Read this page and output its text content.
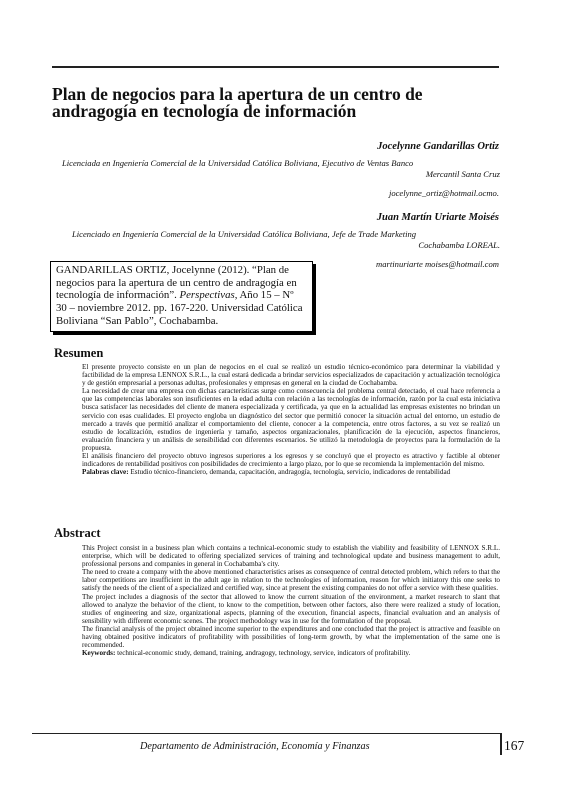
Plan de negocios para la apertura de un centro de andragogía en tecnología de información
Jocelynne Gandarillas Ortiz
Licenciada en Ingeniería Comercial de la Universidad Católica Boliviana, Ejecutivo de Ventas Banco
Mercantil Santa Cruz
jocelynne_ortiz@hotmail.ocmo.
Juan Martín Uriarte Moisés
Licenciado en Ingeniería Comercial de la Universidad Católica Boliviana, Jefe de Trade Marketing
Cochabamba LOREAL.
martinuriarte moises@hotmail.com
GANDARILLAS ORTIZ, Jocelynne (2012). “Plan de negocios para la apertura de un centro de andragogía en tecnología de información”. Perspectivas, Año 15 – Nº 30 – noviembre 2012. pp. 167-220. Universidad Católica Boliviana “San Pablo”, Cochabamba.
Resumen

El presente proyecto consiste en un plan de negocios en el cual se realizó un estudio técnico-económico para determinar la viabilidad y factibilidad de la empresa LENNOX S.R.L., la cual estará dedicada a brindar servicios especializados de capacitación y actualización tecnológica y de gestión empresarial a personas adultas, profesionales y empresas en general en la ciudad de Cochabamba.

La necesidad de crear una empresa con dichas características surge como consecuencia del problema central detectado, el cual hace referencia a que las competencias laborales son insuficientes en la edad adulta con relación a las tecnologías de información, razón por la cual esta iniciativa busca satisfacer las necesidades del cliente de manera especializada y certificada, ya que en la actualidad las empresas existentes no brindan un servicio con esas cualidades. El proyecto engloba un diagnóstico del sector que permitió conocer la situación actual del entorno, un estudio de mercado a través que permitió analizar el comportamiento del cliente, conocer a la competencia, entre otros factores, a su vez se realizó un estudio de localización, estudios de ingeniería y tamaño, aspectos organizacionales, planificación de la ejecución, aspectos financieros, evaluación financiera y un análisis de sensibilidad con diferentes escenarios. Se utilizó la metodología de proyectos para la formulación de la propuesta.

El análisis financiero del proyecto obtuvo ingresos superiores a los egresos y se concluyó que el proyecto es atractivo y factible al obtener indicadores de rentabilidad positivos con posibilidades de crecimiento a largo plazo, por lo que se recomienda la implementación del mismo.

Palabras clave: Estudio técnico-financiero, demanda, capacitación, andragogía, tecnología, servicio, indicadores de rentabilidad

Abstract

This Project consist in a business plan which contains a technical-economic study to establish the viability and feasibility of LENNOX S.R.L. enterprise, which will be dedicated to offering specialized services of training and technological update and business management to adult, professional persons and companies in general in Cochabamba's city.

The need to create a company with the above mentioned characteristics arises as consequence of central detected problem, which refers to that the labor competitions are insufficient in the adult age in relation to the technologies of information, reason for which initiatory this one seeks to satisfy the needs of the client of a specialized and certified way, since at present the existing companies do not offer a service with these qualities.

The project includes a diagnosis of the sector that allowed to know the current situation of the environment, a market research to slant that allowed to analyze the behavior of the client, to know to the competition, between other factors, also there were realized a study of location, studies of engineering and size, organizational aspects, planning of the execution, financial aspects, financial evaluation and an analysis of sensibility with different economic scenes. The project methodology was in use for the formulation of the proposal.

The financial analysis of the project obtained income superior to the expenditures and one concluded that the project is attractive and feasible on having obtained positive indicators of profitability with possibilities of long-term growth, by what the implementation of the same one is recommended.

Keywords: technical-economic study, demand, training, andragogy, technology, service, indicators of profitability.

Departamento de Administración, Economía y Finanzas	167
